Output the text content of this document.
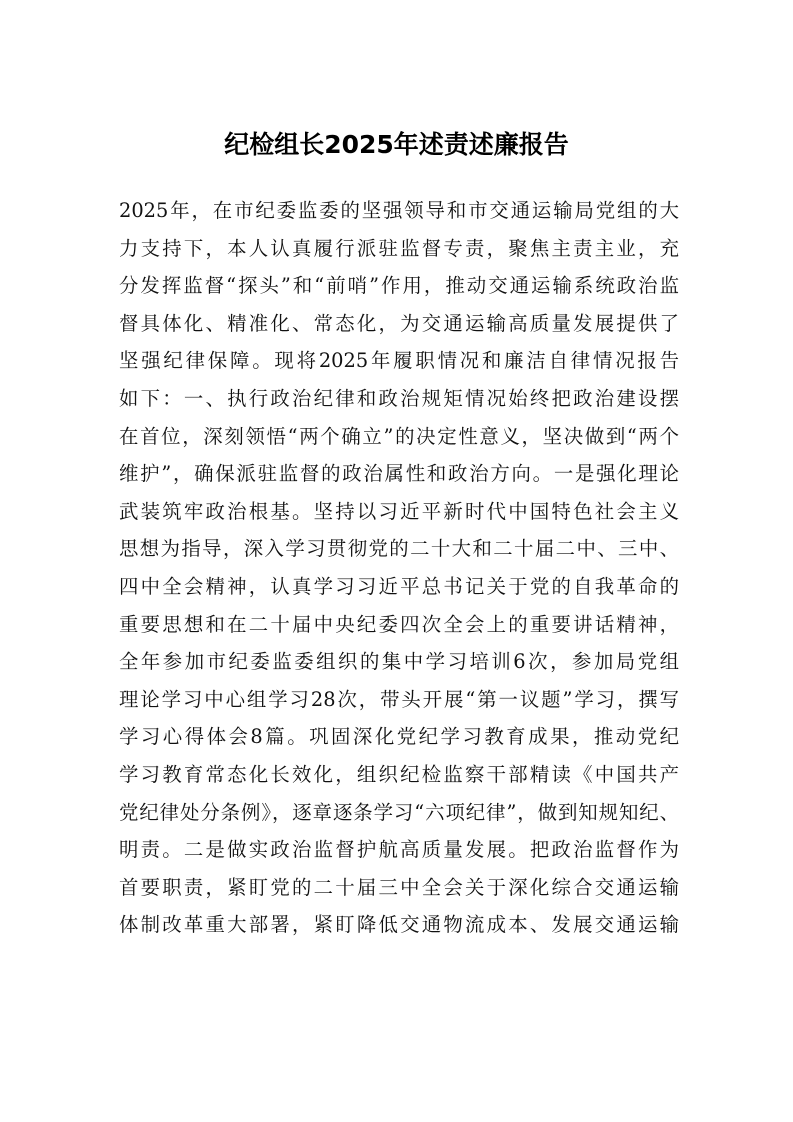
纪检组长2025年述责述廉报告
2025年，在市纪委监委的坚强领导和市交通运输局党组的大
力支持下，本人认真履行派驻监督专责，聚焦主责主业，充
分发挥监督“探头”和“前哨”作用，推动交通运输系统政治监
督具体化、精准化、常态化，为交通运输高质量发展提供了
坚强纪律保障。现将2025年履职情况和廉洁自律情况报告
如下：一、执行政治纪律和政治规矩情况始终把政治建设摆
在首位，深刻领悟“两个确立”的决定性意义，坚决做到“两个
维护”，确保派驻监督的政治属性和政治方向。一是强化理论
武装筑牢政治根基。坚持以习近平新时代中国特色社会主义
思想为指导，深入学习贯彻党的二十大和二十届二中、三中、
四中全会精神，认真学习习近平总书记关于党的自我革命的
重要思想和在二十届中央纪委四次全会上的重要讲话精神，
全年参加市纪委监委组织的集中学习培训6次，参加局党组
理论学习中心组学习28次，带头开展“第一议题”学习，撰写
学习心得体会8篇。巩固深化党纪学习教育成果，推动党纪
学习教育常态化长效化，组织纪检监察干部精读《中国共产
党纪律处分条例》，逐章逐条学习“六项纪律”，做到知规知纪、
明责。二是做实政治监督护航高质量发展。把政治监督作为
首要职责，紧盯党的二十届三中全会关于深化综合交通运输
体制改革重大部署，紧盯降低交通物流成本、发展交通运输
